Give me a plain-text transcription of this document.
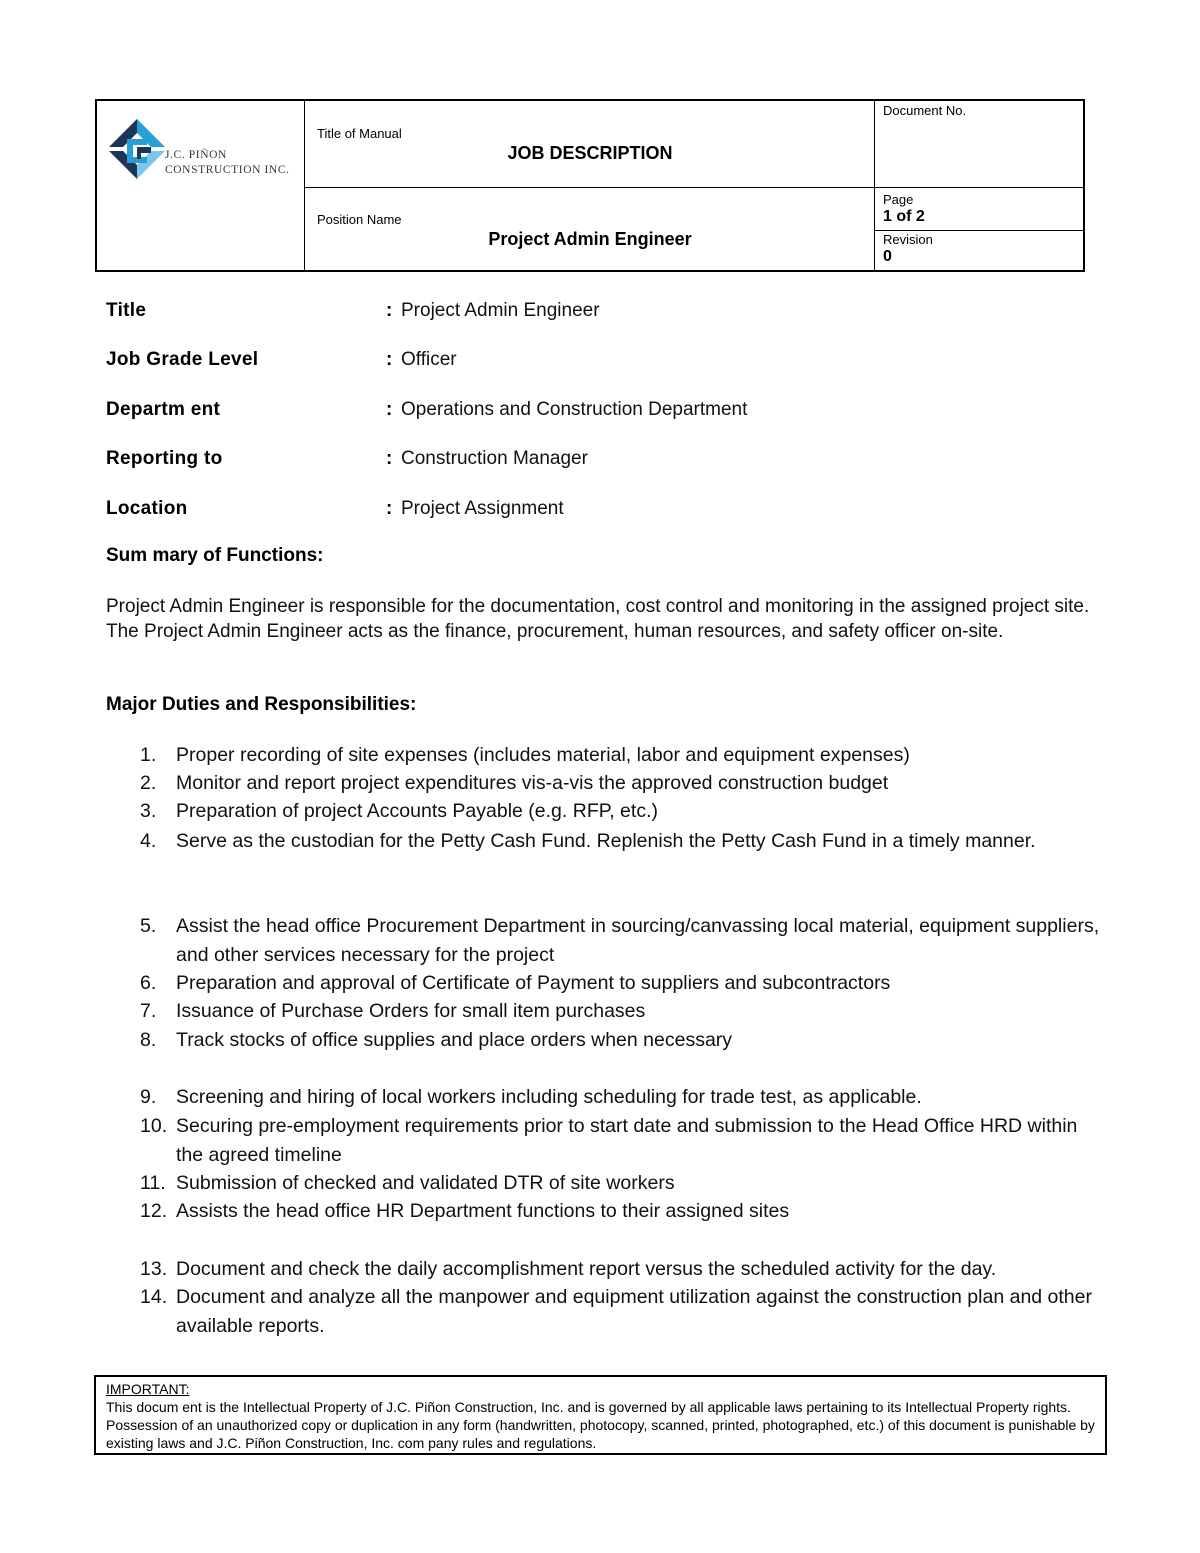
J.C. PIÑON
CONSTRUCTION INC.
Title of Manual
JOB DESCRIPTION
Position Name
Project Admin Engineer
Document No.
Page
1 of 2
Revision
0
Title	: Project Admin Engineer
Job Grade Level	: Officer
Departm ent	: Operations and Construction Department
Reporting to	: Construction Manager
Location	: Project Assignment
Sum mary of Functions:
Project Admin Engineer is responsible for the documentation, cost control and monitoring in the assigned project site. The Project Admin Engineer acts as the finance, procurement, human resources, and safety officer on-site.
Major Duties and Responsibilities:
1. Proper recording of site expenses (includes material, labor and equipment expenses)
2. Monitor and report project expenditures vis-a-vis the approved construction budget
3. Preparation of project Accounts Payable (e.g. RFP, etc.)
4. Serve as the custodian for the Petty Cash Fund. Replenish the Petty Cash Fund in a timely manner.
5. Assist the head office Procurement Department in sourcing/canvassing local material, equipment suppliers, and other services necessary for the project
6. Preparation and approval of Certificate of Payment to suppliers and subcontractors
7. Issuance of Purchase Orders for small item purchases
8. Track stocks of office supplies and place orders when necessary
9. Screening and hiring of local workers including scheduling for trade test, as applicable.
10. Securing pre-employment requirements prior to start date and submission to the Head Office HRD within the agreed timeline
11. Submission of checked and validated DTR of site workers
12. Assists the head office HR Department functions to their assigned sites
13. Document and check the daily accomplishment report versus the scheduled activity for the day.
14. Document and analyze all the manpower and equipment utilization against the construction plan and other available reports.
IMPORTANT:
This docum ent is the Intellectual Property of J.C. Piñon Construction, Inc. and is governed by all applicable laws pertaining to its Intellectual Property rights. Possession of an unauthorized copy or duplication in any form (handwritten, photocopy, scanned, printed, photographed, etc.) of this document is punishable by existing laws and J.C. Piñon Construction, Inc. com pany rules and regulations.
